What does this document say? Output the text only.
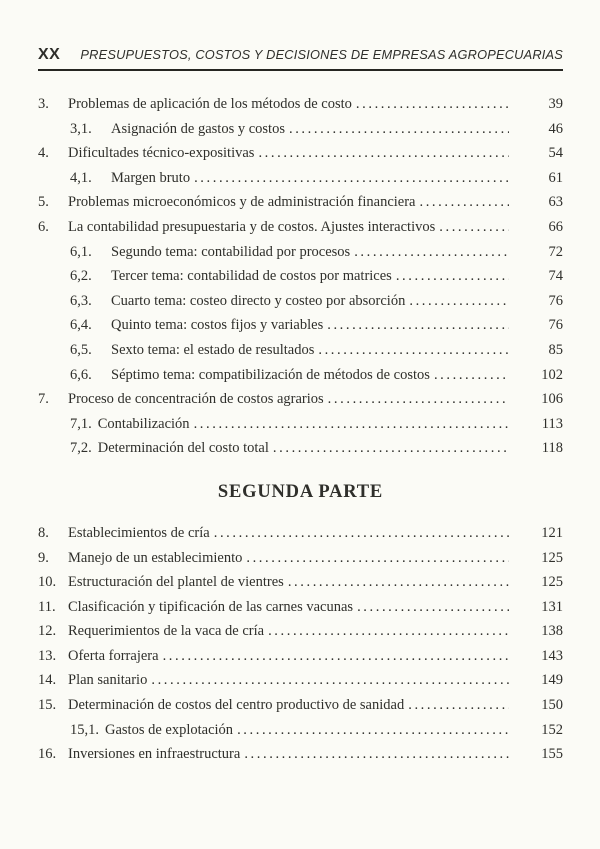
XX	PRESUPUESTOS, COSTOS Y DECISIONES DE EMPRESAS AGROPECUARIAS
3.	Problemas de aplicación de los métodos de costo .....	39
3,1.	Asignación de gastos y costos .....	46
4.	Dificultades técnico-expositivas .....	54
4,1.	Margen bruto .....	61
5.	Problemas microeconómicos y de administración financiera .....	63
6.	La contabilidad presupuestaria y de costos. Ajustes interactivos .....	66
6,1.	Segundo tema: contabilidad por procesos .....	72
6,2.	Tercer tema: contabilidad de costos por matrices .....	74
6,3.	Cuarto tema: costeo directo y costeo por absorción .....	76
6,4.	Quinto tema: costos fijos y variables .....	76
6,5.	Sexto tema: el estado de resultados .....	85
6,6.	Séptimo tema: compatibilización de métodos de costos .....	102
7.	Proceso de concentración de costos agrarios .....	106
7,1. Contabilización .....	113
7,2. Determinación del costo total .....	118
SEGUNDA PARTE
8.	Establecimientos de cría .....	121
9.	Manejo de un establecimiento .....	125
10. Estructuración del plantel de vientres .....	125
11. Clasificación y tipificación de las carnes vacunas .....	131
12. Requerimientos de la vaca de cría .....	138
13. Oferta forrajera .....	143
14. Plan sanitario .....	149
15. Determinación de costos del centro productivo de sanidad .....	150
15,1. Gastos de explotación .....	152
16. Inversiones en infraestructura .....	155
